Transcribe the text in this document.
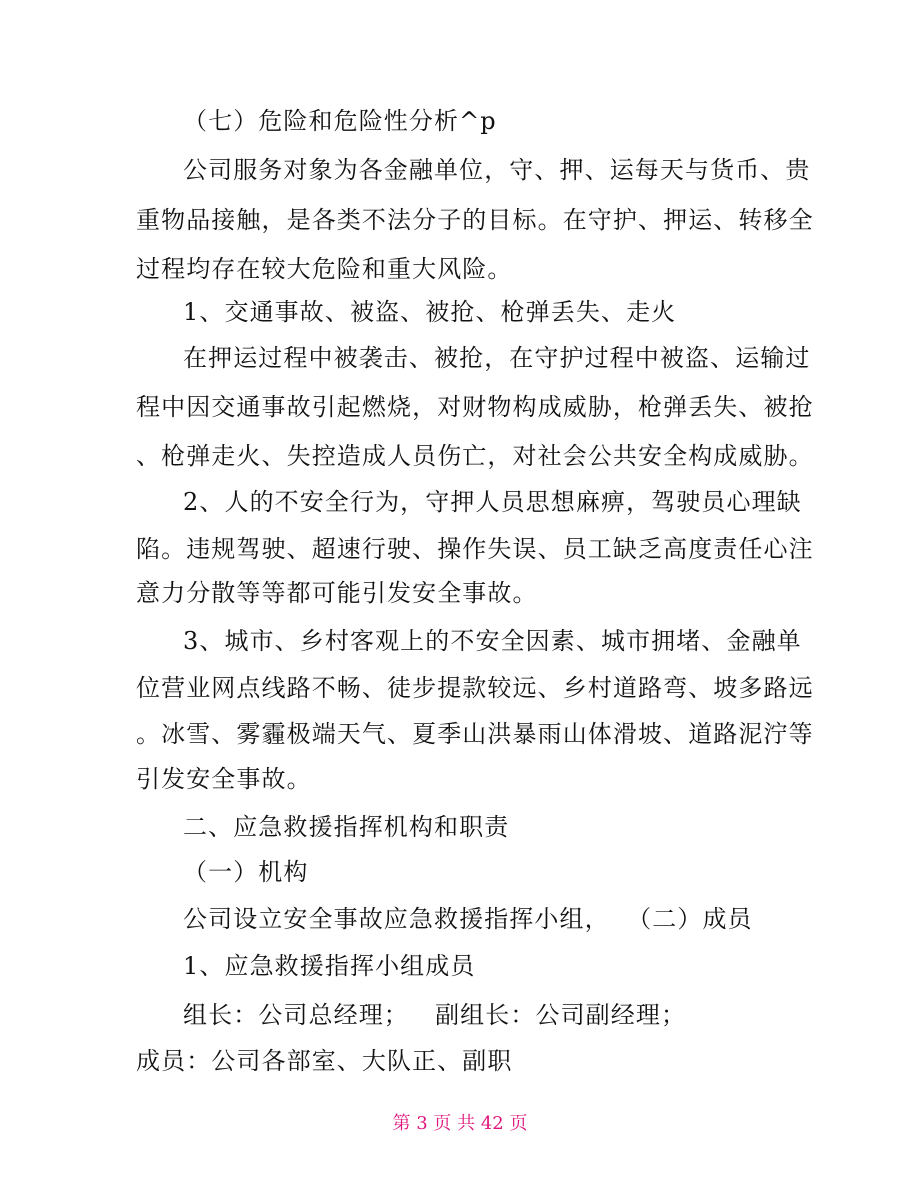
（七）危险和危险性分析^p
公司服务对象为各金融单位，守、押、运每天与货币、贵
重物品接触，是各类不法分子的目标。在守护、押运、转移全
过程均存在较大危险和重大风险。
1、交通事故、被盗、被抢、枪弹丢失、走火
在押运过程中被袭击、被抢，在守护过程中被盗、运输过
程中因交通事故引起燃烧，对财物构成威胁，枪弹丢失、被抢
、枪弹走火、失控造成人员伤亡，对社会公共安全构成威胁。
2、人的不安全行为，守押人员思想麻痹，驾驶员心理缺
陷。违规驾驶、超速行驶、操作失误、员工缺乏高度责任心注
意力分散等等都可能引发安全事故。
3、城市、乡村客观上的不安全因素、城市拥堵、金融单
位营业网点线路不畅、徒步提款较远、乡村道路弯、坡多路远
。冰雪、雾霾极端天气、夏季山洪暴雨山体滑坡、道路泥泞等
引发安全事故。
二、应急救援指挥机构和职责
（一）机构
公司设立安全事故应急救援指挥小组，  （二）成员
1、应急救援指挥小组成员
组长：公司总经理；   副组长：公司副经理；
成员：公司各部室、大队正、副职
第 3 页 共 42 页
